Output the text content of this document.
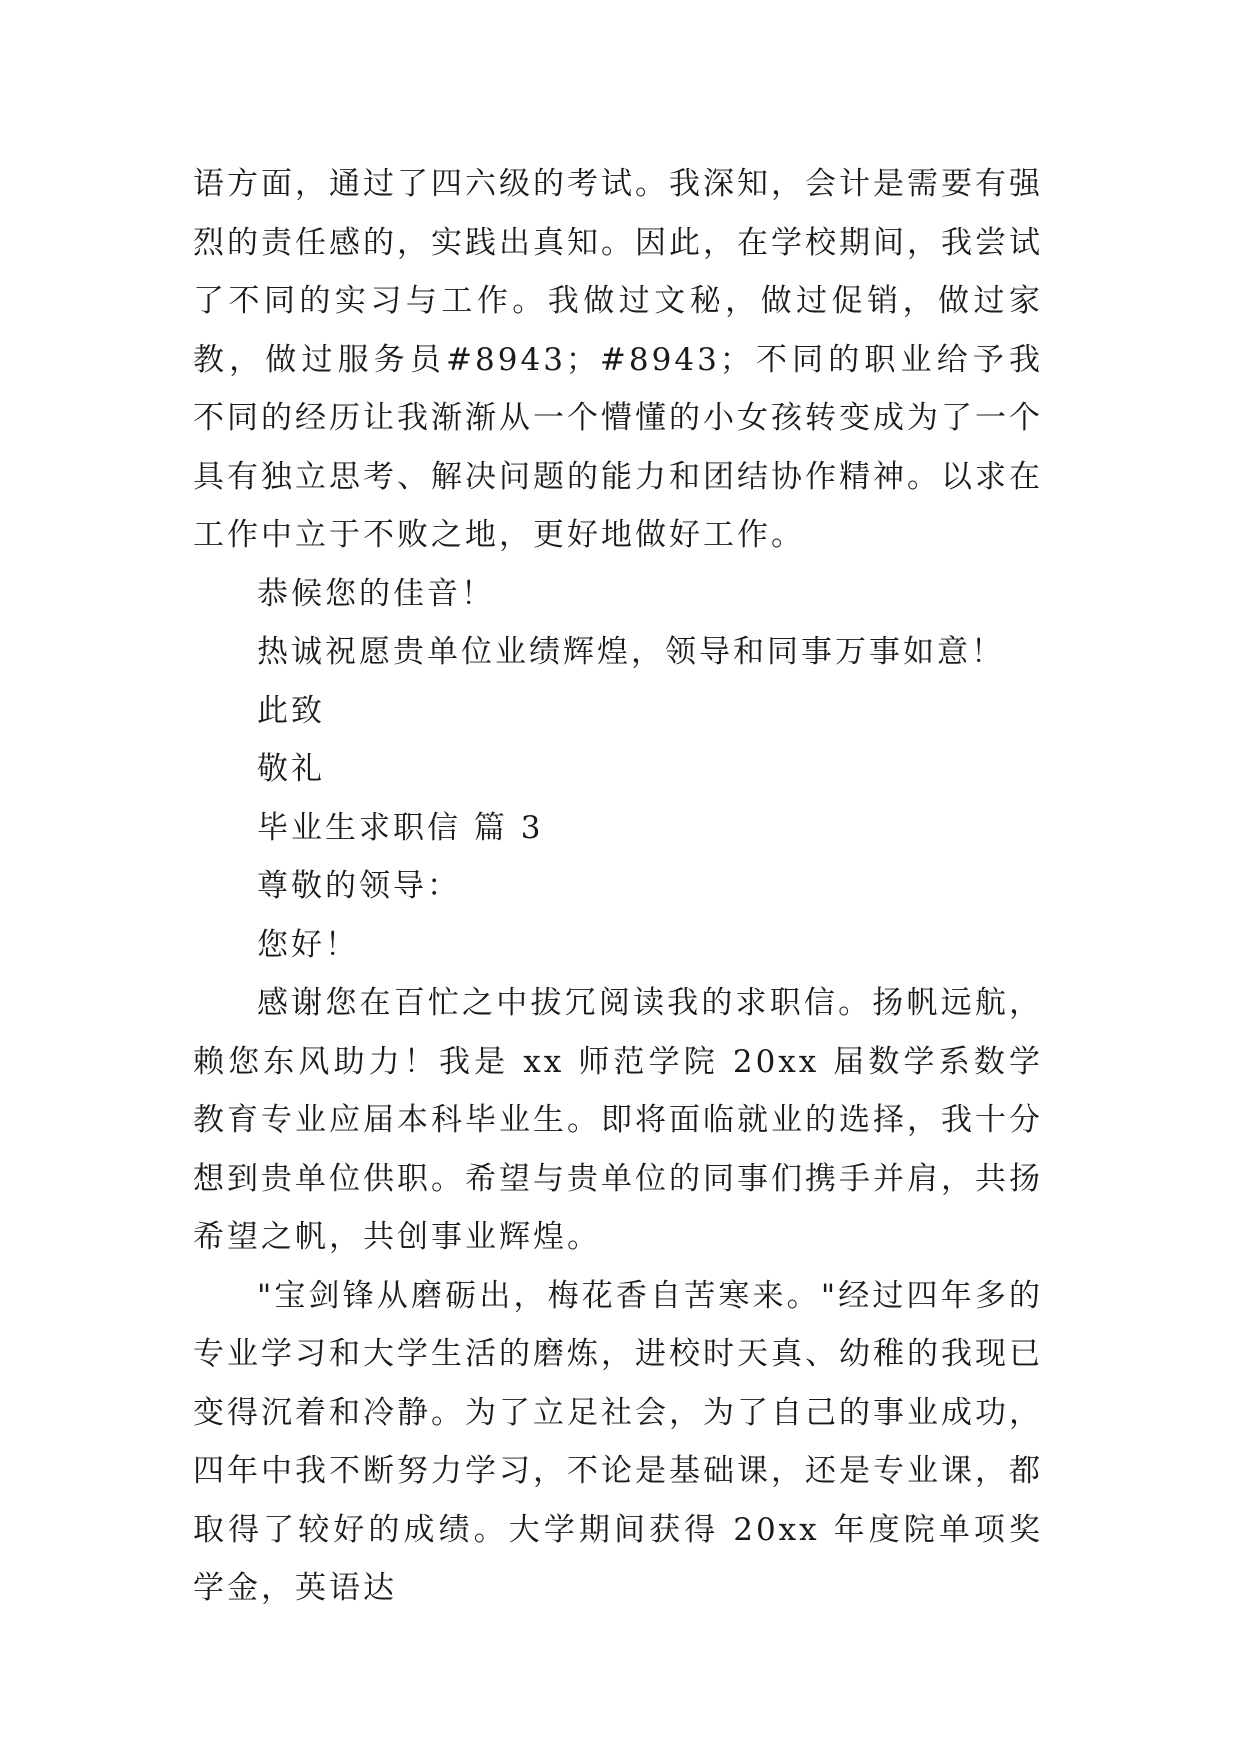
语方面，通过了四六级的考试。我深知，会计是需要有强烈的责任感的，实践出真知。因此，在学校期间，我尝试了不同的实习与工作。我做过文秘，做过促销，做过家教，做过服务员#8943；#8943；不同的职业给予我不同的经历让我渐渐从一个懵懂的小女孩转变成为了一个具有独立思考、解决问题的能力和团结协作精神。以求在工作中立于不败之地，更好地做好工作。

恭候您的佳音！

热诚祝愿贵单位业绩辉煌，领导和同事万事如意！

此致

敬礼

毕业生求职信 篇 3

尊敬的领导：

您好！

感谢您在百忙之中拔冗阅读我的求职信。扬帆远航，赖您东风助力！我是 xx 师范学院 20xx 届数学系数学教育专业应届本科毕业生。即将面临就业的选择，我十分想到贵单位供职。希望与贵单位的同事们携手并肩，共扬希望之帆，共创事业辉煌。

"宝剑锋从磨砺出，梅花香自苦寒来。"经过四年多的专业学习和大学生活的磨炼，进校时天真、幼稚的我现已变得沉着和冷静。为了立足社会，为了自己的事业成功，四年中我不断努力学习，不论是基础课，还是专业课，都取得了较好的成绩。大学期间获得 20xx 年度院单项奖学金，英语达
